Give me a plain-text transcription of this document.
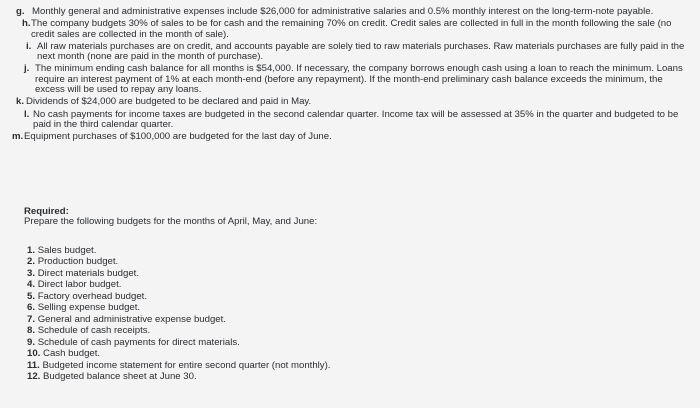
g. Monthly general and administrative expenses include $26,000 for administrative salaries and 0.5% monthly interest on the long-term-note payable.
h. The company budgets 30% of sales to be for cash and the remaining 70% on credit. Credit sales are collected in full in the month following the sale (no credit sales are collected in the month of sale).
i. All raw materials purchases are on credit, and accounts payable are solely tied to raw materials purchases. Raw materials purchases are fully paid in the next month (none are paid in the month of purchase).
j. The minimum ending cash balance for all months is $54,000. If necessary, the company borrows enough cash using a loan to reach the minimum. Loans require an interest payment of 1% at each month-end (before any repayment). If the month-end preliminary cash balance exceeds the minimum, the excess will be used to repay any loans.
k. Dividends of $24,000 are budgeted to be declared and paid in May.
l. No cash payments for income taxes are budgeted in the second calendar quarter. Income tax will be assessed at 35% in the quarter and budgeted to be paid in the third calendar quarter.
m. Equipment purchases of $100,000 are budgeted for the last day of June.

Required:

Prepare the following budgets for the months of April, May, and June:

1. Sales budget.
2. Production budget.
3. Direct materials budget.
4. Direct labor budget.
5. Factory overhead budget.
6. Selling expense budget.
7. General and administrative expense budget.
8. Schedule of cash receipts.
9. Schedule of cash payments for direct materials.
10. Cash budget.
11. Budgeted income statement for entire second quarter (not monthly).
12. Budgeted balance sheet at June 30.
